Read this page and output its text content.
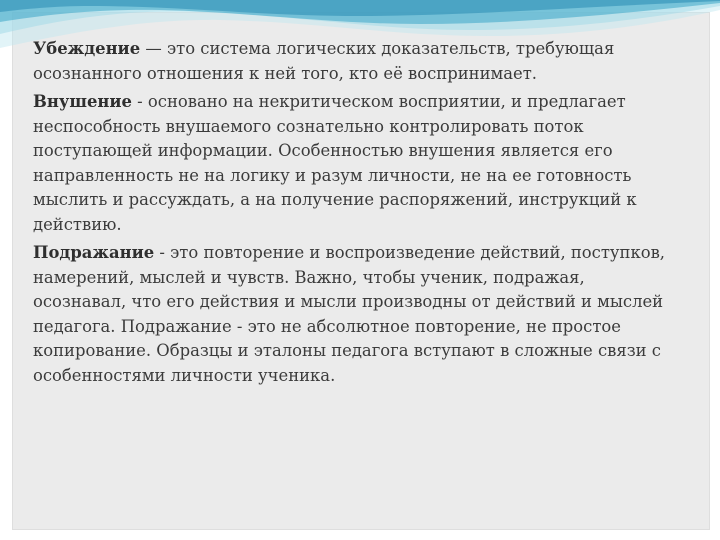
Убеждение — это система логических доказательств, требующая осознанного отношения к ней того, кто её воспринимает.

Внушение - основано на некритическом восприятии, и предлагает неспособность внушаемого сознательно контролировать поток поступающей информации. Особенностью внушения является его направленность не на логику и разум личности, не на ее готовность мыслить и рассуждать, а на получение распоряжений, инструкций к действию.

Подражание - это повторение и воспроизведение действий, поступков, намерений, мыслей и чувств. Важно, чтобы ученик, подражая, осознавал, что его действия и мысли производны от действий и мыслей педагога. Подражание - это не абсолютное повторение, не простое копирование. Образцы и эталоны педагога вступают в сложные связи с особенностями личности ученика.
